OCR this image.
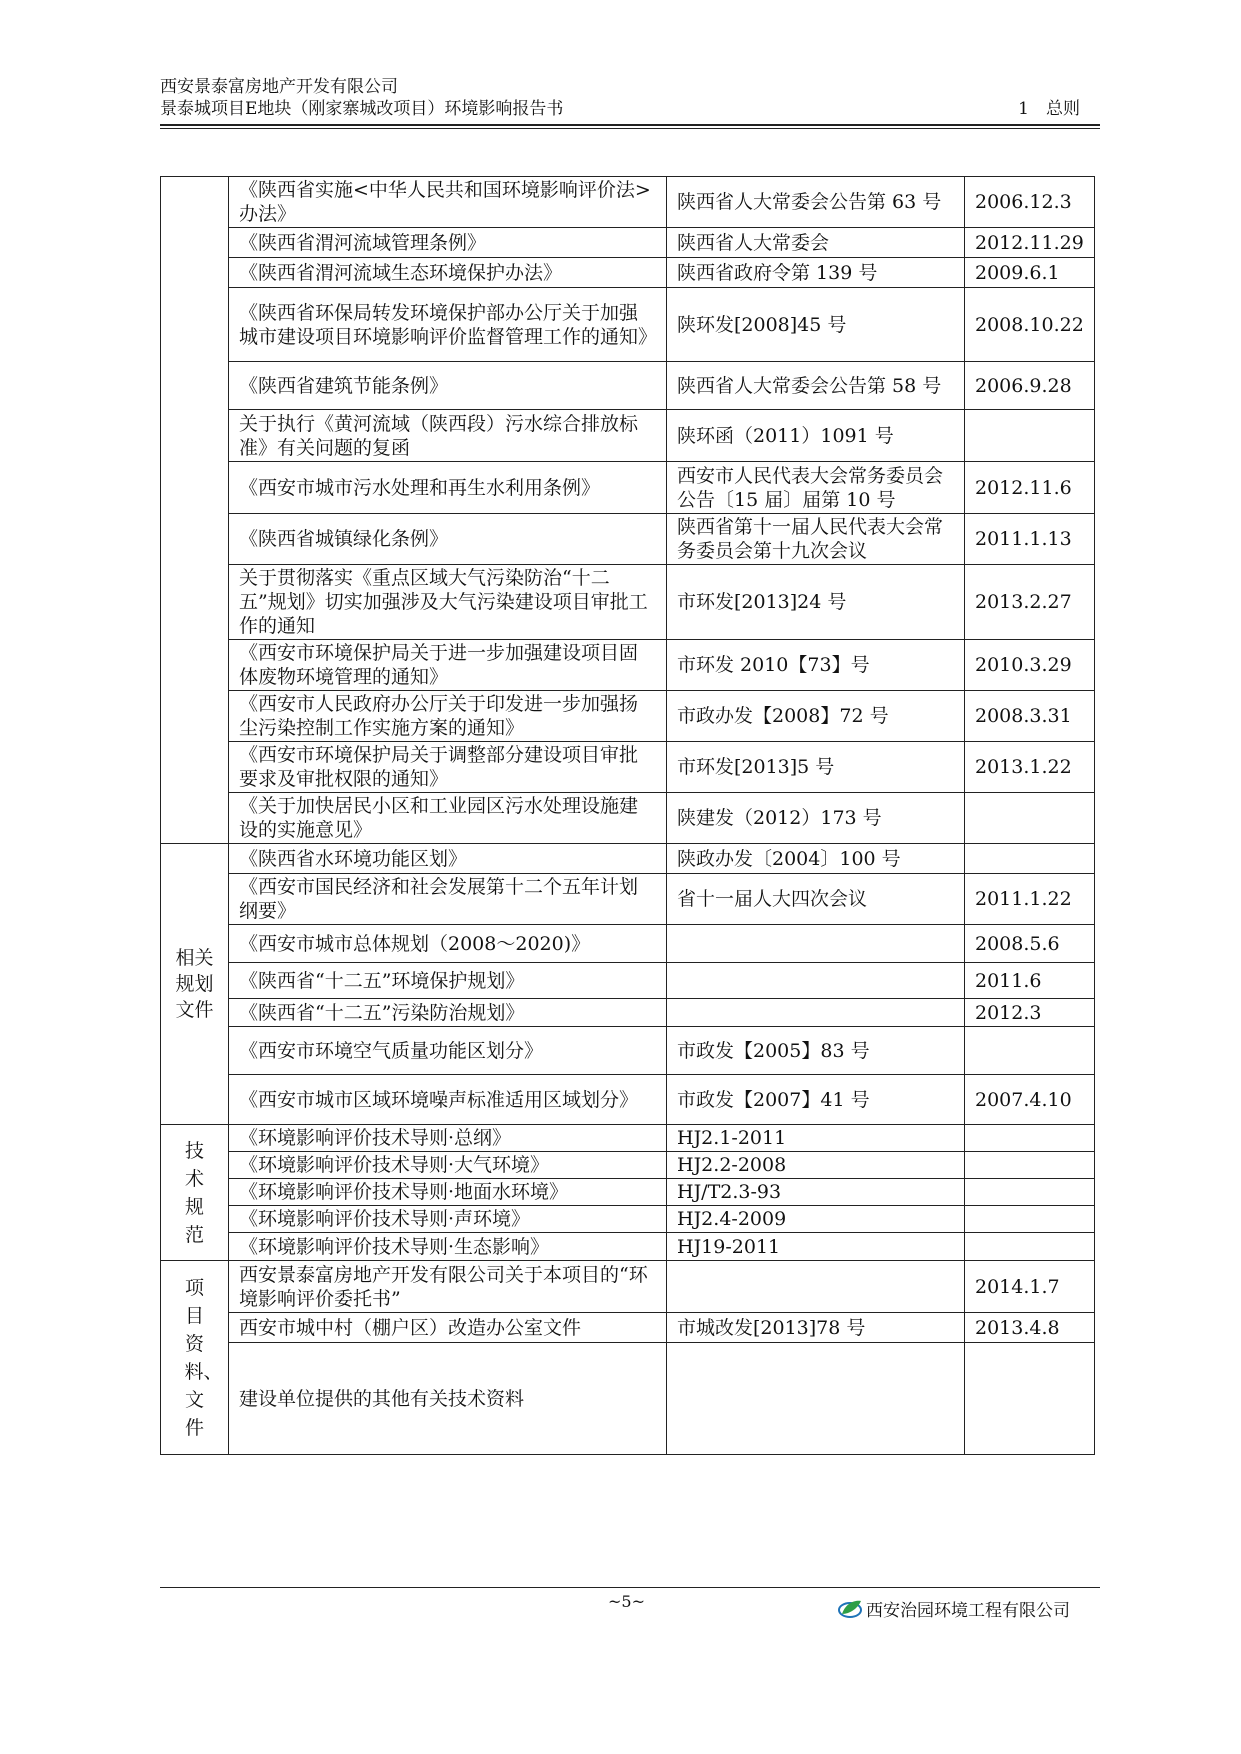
西安景泰富房地产开发有限公司
景泰城项目E地块（刚家寨城改项目）环境影响报告书	1　总则
	《陕西省实施<中华人民共和国环境影响评价法>办法》	陕西省人大常委会公告第 63 号	2006.12.3
	《陕西省渭河流域管理条例》	陕西省人大常委会	2012.11.29
	《陕西省渭河流域生态环境保护办法》	陕西省政府令第 139 号	2009.6.1
	《陕西省环保局转发环境保护部办公厅关于加强城市建设项目环境影响评价监督管理工作的通知》	陕环发[2008]45 号	2008.10.22
	《陕西省建筑节能条例》	陕西省人大常委会公告第 58 号	2006.9.28
	关于执行《黄河流域（陕西段）污水综合排放标准》有关问题的复函	陕环函（2011）1091 号	
	《西安市城市污水处理和再生水利用条例》	西安市人民代表大会常务委员会公告〔15 届〕届第 10 号	2012.11.6
	《陕西省城镇绿化条例》	陕西省第十一届人民代表大会常务委员会第十九次会议	2011.1.13
	关于贯彻落实《重点区域大气污染防治“十二五”规划》切实加强涉及大气污染建设项目审批工作的通知	市环发[2013]24 号	2013.2.27
	《西安市环境保护局关于进一步加强建设项目固体废物环境管理的通知》	市环发 2010【73】号	2010.3.29
	《西安市人民政府办公厅关于印发进一步加强扬尘污染控制工作实施方案的通知》	市政办发【2008】72 号	2008.3.31
	《西安市环境保护局关于调整部分建设项目审批要求及审批权限的通知》	市环发[2013]5 号	2013.1.22
	《关于加快居民小区和工业园区污水处理设施建设的实施意见》	陕建发（2012）173 号	
相关规划文件	《陕西省水环境功能区划》	陕政办发〔2004〕100 号	
	《西安市国民经济和社会发展第十二个五年计划纲要》	省十一届人大四次会议	2011.1.22
	《西安市城市总体规划（2008～2020)》		2008.5.6
	《陕西省“十二五”环境保护规划》		2011.6
	《陕西省“十二五”污染防治规划》		2012.3
	《西安市环境空气质量功能区划分》	市政发【2005】83 号	
	《西安市城市区域环境噪声标准适用区域划分》	市政发【2007】41 号	2007.4.10
技术规范	《环境影响评价技术导则·总纲》	HJ2.1-2011	
	《环境影响评价技术导则·大气环境》	HJ2.2-2008	
	《环境影响评价技术导则·地面水环境》	HJ/T2.3-93	
	《环境影响评价技术导则·声环境》	HJ2.4-2009	
	《环境影响评价技术导则·生态影响》	HJ19-2011	
项目资料、文件	西安景泰富房地产开发有限公司关于本项目的“环境影响评价委托书”		2014.1.7
	西安市城中村（棚户区）改造办公室文件	市城改发[2013]78 号	2013.4.8
	建设单位提供的其他有关技术资料		
~5~	西安治园环境工程有限公司
